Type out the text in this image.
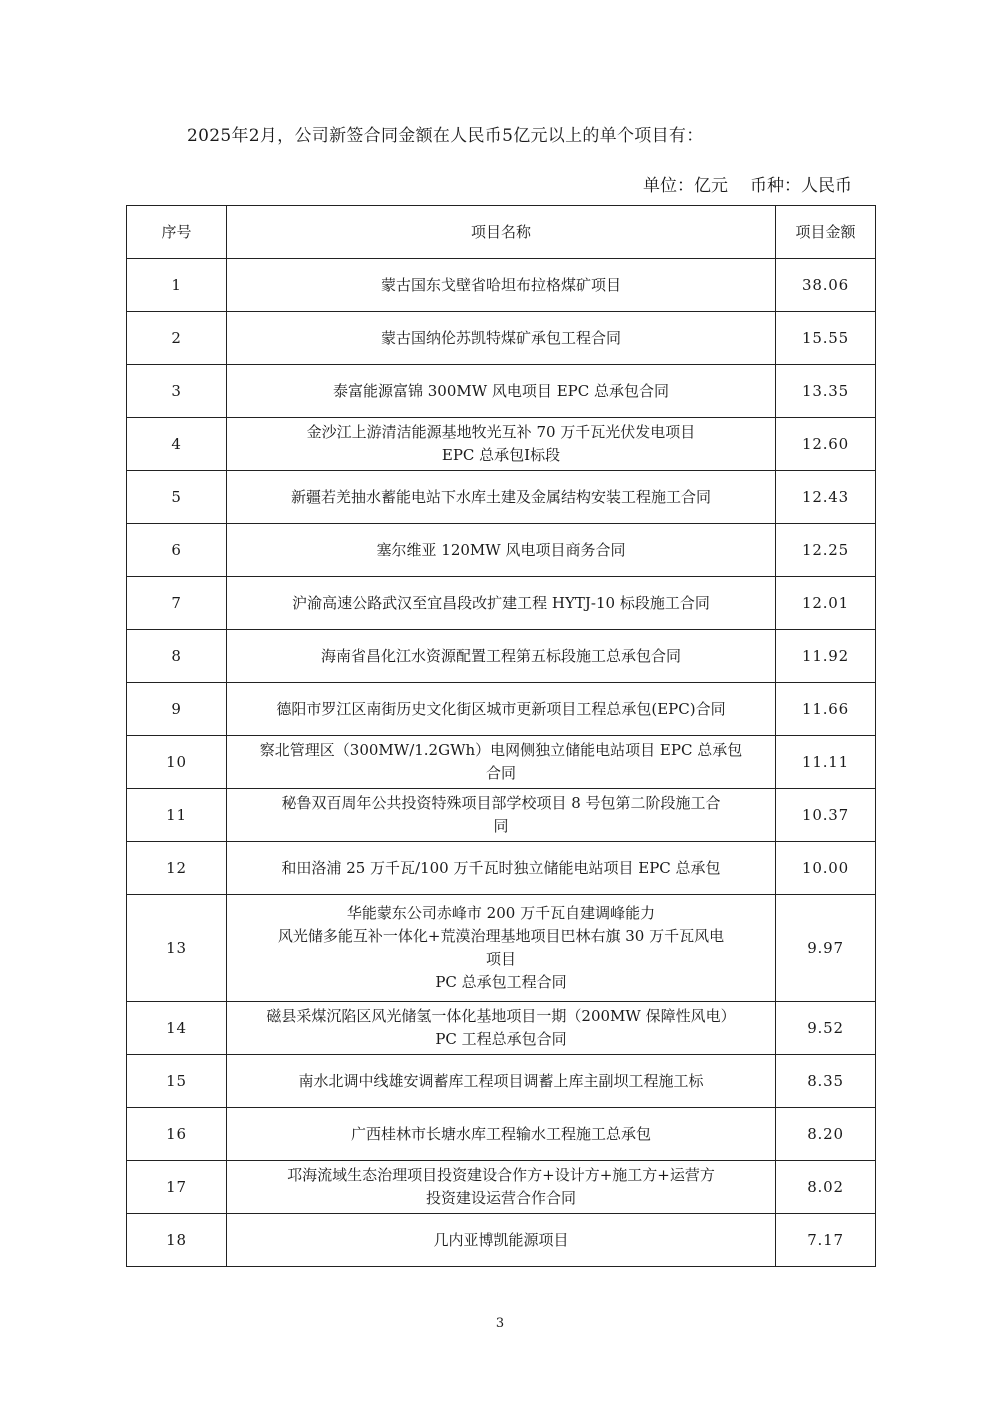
2025年2月，公司新签合同金额在人民币5亿元以上的单个项目有：
单位：亿元 币种：人民币
序号	项目名称	项目金额
1	蒙古国东戈壁省哈坦布拉格煤矿项目	38.06
2	蒙古国纳伦苏凯特煤矿承包工程合同	15.55
3	泰富能源富锦 300MW 风电项目 EPC 总承包合同	13.35
4	金沙江上游清洁能源基地牧光互补 70 万千瓦光伏发电项目
EPC 总承包Ⅰ标段	12.60
5	新疆若羌抽水蓄能电站下水库土建及金属结构安装工程施工合同	12.43
6	塞尔维亚 120MW 风电项目商务合同	12.25
7	沪渝高速公路武汉至宜昌段改扩建工程 HYTJ-10 标段施工合同	12.01
8	海南省昌化江水资源配置工程第五标段施工总承包合同	11.92
9	德阳市罗江区南街历史文化街区城市更新项目工程总承包(EPC)合同	11.66
10	察北管理区（300MW/1.2GWh）电网侧独立储能电站项目 EPC 总承包
合同	11.11
11	秘鲁双百周年公共投资特殊项目部学校项目 8 号包第二阶段施工合
同	10.37
12	和田洛浦 25 万千瓦/100 万千瓦时独立储能电站项目 EPC 总承包	10.00
13	华能蒙东公司赤峰市 200 万千瓦自建调峰能力
风光储多能互补一体化+荒漠治理基地项目巴林右旗 30 万千瓦风电
项目
PC 总承包工程合同	9.97
14	磁县采煤沉陷区风光储氢一体化基地项目一期（200MW 保障性风电）
PC 工程总承包合同	9.52
15	南水北调中线雄安调蓄库工程项目调蓄上库主副坝工程施工标	8.35
16	广西桂林市长塘水库工程输水工程施工总承包	8.20
17	邛海流域生态治理项目投资建设合作方+设计方+施工方+运营方
投资建设运营合作合同	8.02
18	几内亚博凯能源项目	7.17
3
